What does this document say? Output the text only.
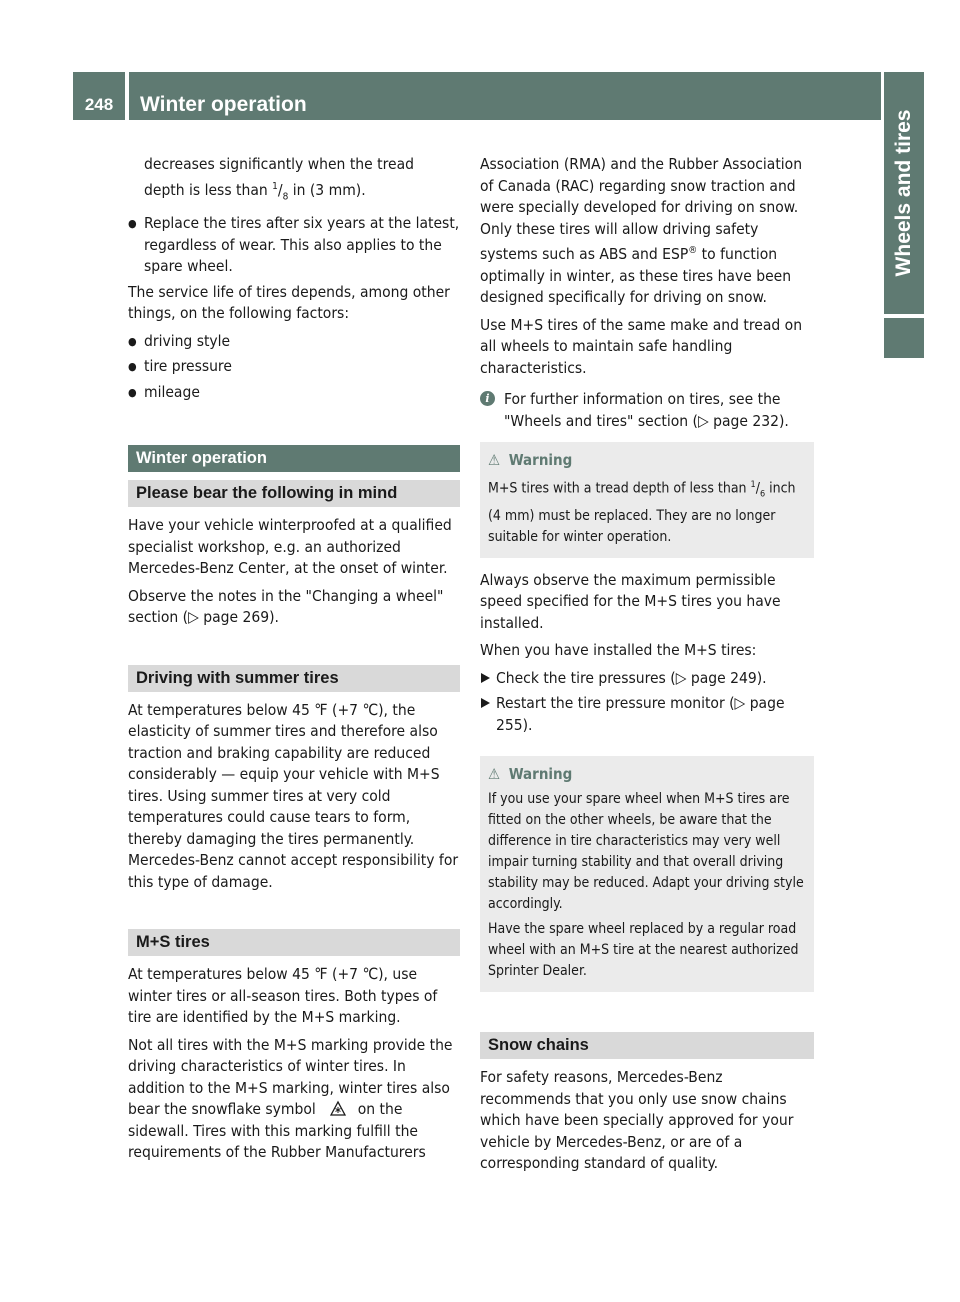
248	Winter operation
Wheels and tires
decreases significantly when the tread
depth is less than $^1/_8$ in (3 mm).
● Replace the tires after six years at the latest, regardless of wear. This also applies to the spare wheel.

The service life of tires depends, among other things, on the following factors:

● driving style
● tire pressure
● mileage
Winter operation
Please bear the following in mind

Have your vehicle winterproofed at a qualified specialist workshop, e.g. an authorized Mercedes-Benz Center, at the onset of winter.

Observe the notes in the "Changing a wheel" section (▷ page 269).

Driving with summer tires

At temperatures below 45 ℉ (+7 ℃), the elasticity of summer tires and therefore also traction and braking capability are reduced considerably — equip your vehicle with M+S tires. Using summer tires at very cold temperatures could cause tears to form, thereby damaging the tires permanently. Mercedes-Benz cannot accept responsibility for this type of damage.

M+S tires

At temperatures below 45 ℉ (+7 ℃), use winter tires or all-season tires. Both types of tire are identified by the M+S marking.

Not all tires with the M+S marking provide the driving characteristics of winter tires. In addition to the M+S marking, winter tires also bear the snowflake symbol	on the sidewall. Tires with this marking fulfill the requirements of the Rubber Manufacturers

Association (RMA) and the Rubber Association of Canada (RAC) regarding snow traction and were specially developed for driving on snow. Only these tires will allow driving safety systems such as ABS and ESP® to function optimally in winter, as these tires have been designed specifically for driving on snow.

Use M+S tires of the same make and tread on all wheels to maintain safe handling characteristics.

i For further information on tires, see the "Wheels and tires" section (▷ page 232).
⚠ Warning

M+S tires with a tread depth of less than $^1/_6$ inch (4 mm) must be replaced. They are no longer suitable for winter operation.

Always observe the maximum permissible speed specified for the M+S tires you have installed.

When you have installed the M+S tires:

Check the tire pressures (▷ page 249).
Restart the tire pressure monitor (▷ page 255).
⚠ Warning

If you use your spare wheel when M+S tires are fitted on the other wheels, be aware that the difference in tire characteristics may very well impair turning stability and that overall driving stability may be reduced. Adapt your driving style accordingly.

Have the spare wheel replaced by a regular road wheel with an M+S tire at the nearest authorized Sprinter Dealer.

Snow chains

For safety reasons, Mercedes-Benz recommends that you only use snow chains which have been specially approved for your vehicle by Mercedes-Benz, or are of a corresponding standard of quality.
